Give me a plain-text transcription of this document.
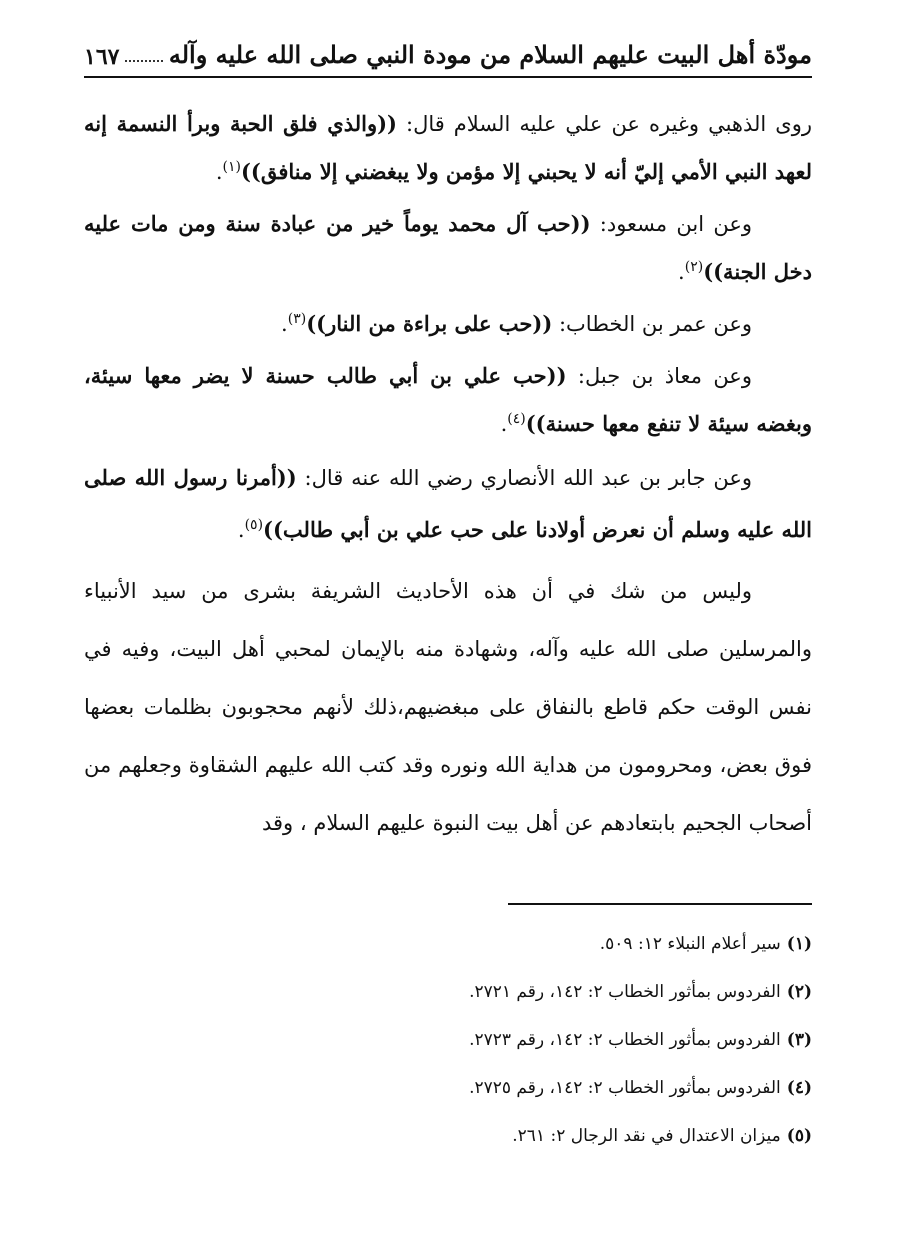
مودّة أهل البيت عليهم السلام من مودة النبي صلى الله عليه وآله
١٦٧

روى الذهبي وغيره عن علي عليه السلام قال: ((والذي فلق الحبة وبرأ النسمة إنه لعهد النبي الأمي إليّ أنه لا يحبني إلا مؤمن ولا يبغضني إلا منافق))$^{(١)}$.

وعن ابن مسعود: ((حب آل محمد يوماً خير من عبادة سنة ومن مات عليه دخل الجنة))$^{(٢)}$.

وعن عمر بن الخطاب: ((حب على براءة من النار))$^{(٣)}$.

وعن معاذ بن جبل: ((حب علي بن أبي طالب حسنة لا يضر معها سيئة، وبغضه سيئة لا تنفع معها حسنة))$^{(٤)}$.

وعن جابر بن عبد الله الأنصاري رضي الله عنه قال: ((أمرنا رسول الله صلى الله عليه وسلم أن نعرض أولادنا على حب علي بن أبي طالب))$^{(٥)}$.

وليس من شك في أن هذه الأحاديث الشريفة بشرى من سيد الأنبياء والمرسلين صلى الله عليه وآله، وشهادة منه بالإيمان لمحبي أهل البيت، وفيه في نفس الوقت حكم قاطع بالنفاق على مبغضيهم،ذلك لأنهم محجوبون بظلمات بعضها فوق بعض، ومحرومون من هداية الله ونوره وقد كتب الله عليهم الشقاوة وجعلهم من أصحاب الجحيم بابتعادهم عن أهل بيت النبوة عليهم السلام ، وقد

(١)سير أعلام النبلاء ١٢: ٥٠٩.
(٢)الفردوس بمأثور الخطاب ٢: ١٤٢، رقم ٢٧٢١.
(٣)الفردوس بمأثور الخطاب ٢: ١٤٢، رقم ٢٧٢٣.
(٤)الفردوس بمأثور الخطاب ٢: ١٤٢، رقم ٢٧٢٥.
(٥)ميزان الاعتدال في نقد الرجال ٢: ٢٦١.
